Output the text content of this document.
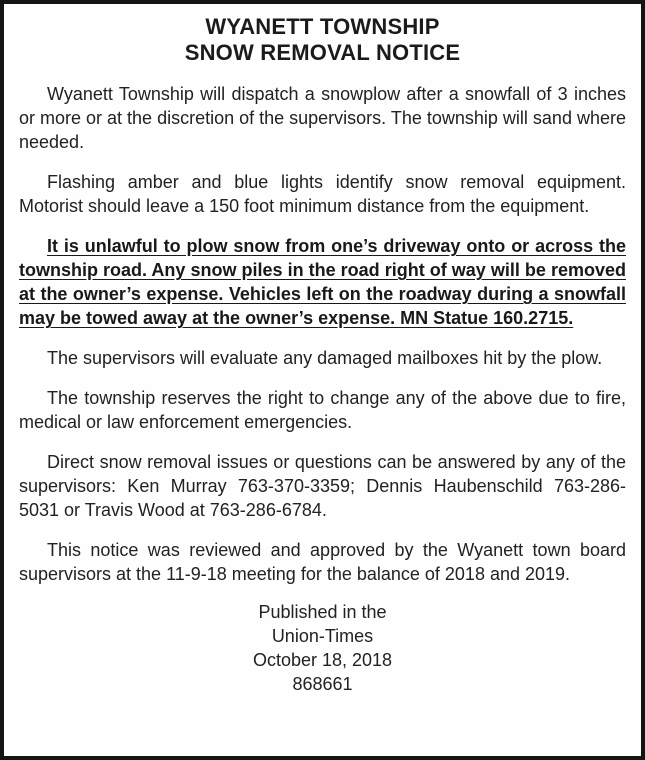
WYANETT TOWNSHIP
SNOW REMOVAL NOTICE

Wyanett Township will dispatch a snowplow after a snowfall of 3 inches or more or at the discretion of the supervisors. The township will sand where needed.

Flashing amber and blue lights identify snow removal equipment. Motorist should leave a 150 foot minimum distance from the equipment.

It is unlawful to plow snow from one’s driveway onto or across the township road. Any snow piles in the road right of way will be removed at the owner’s expense. Vehicles left on the roadway during a snowfall may be towed away at the owner’s expense. MN Statue 160.2715.

The supervisors will evaluate any damaged mailboxes hit by the plow.

The township reserves the right to change any of the above due to fire, medical or law enforcement emergencies.

Direct snow removal issues or questions can be answered by any of the supervisors: Ken Murray 763-370-3359; Dennis Haubenschild 763-286-5031 or Travis Wood at 763-286-6784.

This notice was reviewed and approved by the Wyanett town board supervisors at the 11-9-18 meeting for the balance of 2018 and 2019.

Published in the
Union-Times
October 18, 2018
868661
